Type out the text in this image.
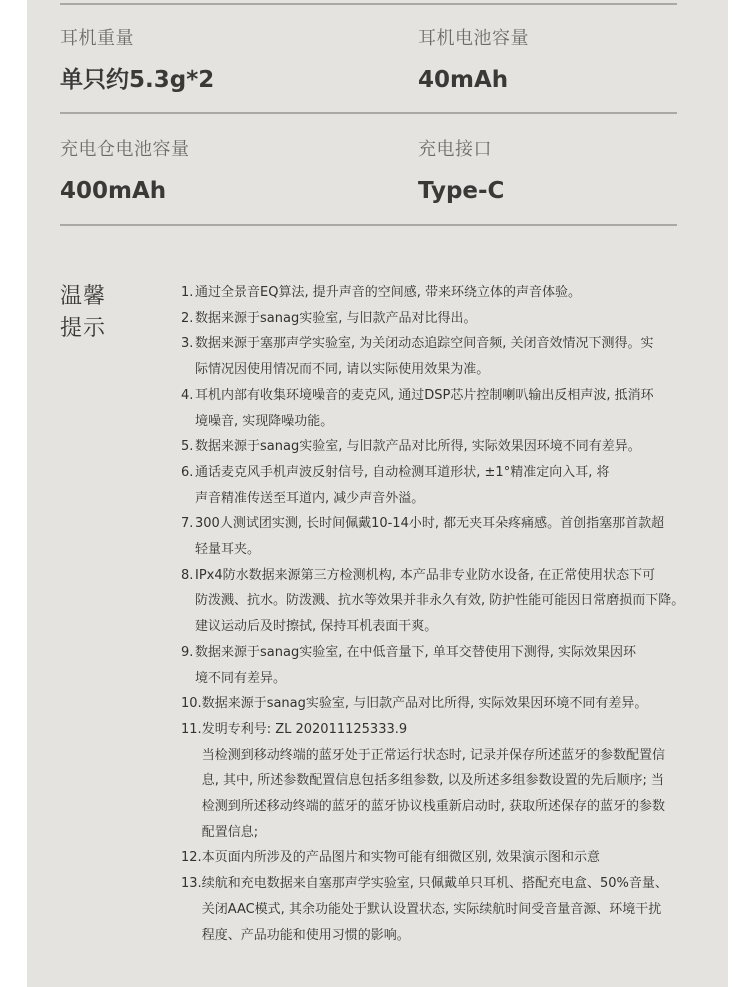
耳机重量
单只约5.3g*2
耳机电池容量
40mAh
充电仓电池容量
400mAh
充电接口
Type-C
温馨
提示
1. 通过全景音EQ算法, 提升声音的空间感, 带来环绕立体的声音体验。
2. 数据来源于sanag实验室, 与旧款产品对比得出。
3. 数据来源于塞那声学实验室, 为关闭动态追踪空间音频, 关闭音效情况下测得。实
际情况因使用情况而不同, 请以实际使用效果为准。
4. 耳机内部有收集环境噪音的麦克风, 通过DSP芯片控制喇叭输出反相声波, 抵消环
境噪音, 实现降噪功能。
5. 数据来源于sanag实验室, 与旧款产品对比所得, 实际效果因环境不同有差异。
6. 通话麦克风手机声波反射信号, 自动检测耳道形状, ±1°精准定向入耳, 将
声音精准传送至耳道内, 减少声音外溢。
7. 300人测试团实测, 长时间佩戴10-14小时, 都无夹耳朵疼痛感。首创指塞那首款超
轻量耳夹。
8. IPx4防水数据来源第三方检测机构, 本产品非专业防水设备, 在正常使用状态下可
防泼溅、抗水。防泼溅、抗水等效果并非永久有效, 防护性能可能因日常磨损而下降。
建议运动后及时擦拭, 保持耳机表面干爽。
9. 数据来源于sanag实验室, 在中低音量下, 单耳交替使用下测得, 实际效果因环
境不同有差异。
10. 数据来源于sanag实验室, 与旧款产品对比所得, 实际效果因环境不同有差异。
11. 发明专利号: ZL 202011125333.9
当检测到移动终端的蓝牙处于正常运行状态时, 记录并保存所述蓝牙的参数配置信
息, 其中, 所述参数配置信息包括多组参数, 以及所述多组参数设置的先后顺序; 当
检测到所述移动终端的蓝牙的蓝牙协议栈重新启动时, 获取所述保存的蓝牙的参数
配置信息;
12. 本页面内所涉及的产品图片和实物可能有细微区别, 效果演示图和示意
13. 续航和充电数据来自塞那声学实验室, 只佩戴单只耳机、搭配充电盒、50%音量、
关闭AAC模式, 其余功能处于默认设置状态, 实际续航时间受音量音源、环境干扰
程度、产品功能和使用习惯的影响。
